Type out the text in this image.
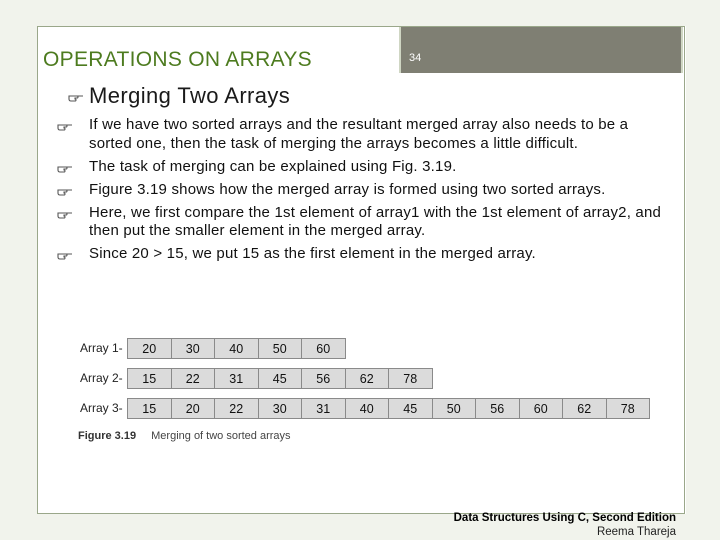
34
OPERATIONS ON ARRAYS
Merging Two Arrays
If we have two sorted arrays and the resultant merged array also needs to be a sorted one, then the task of merging the arrays becomes a little difficult.
The task of merging can be explained using Fig. 3.19.
Figure 3.19 shows how the merged array is formed using two sorted arrays.
Here, we first compare the 1st element of array1 with the 1st element of array2, and then put the smaller element in the merged array.
Since 20 > 15, we put 15 as the first element in the merged array.
Array 1-	20	30	40	50	60
Array 2-	15	22	31	45	56	62	78
Array 3-	15	20	22	30	31	40	45	50	56	60	62	78
Figure 3.19 Merging of two sorted arrays
Data Structures Using C, Second Edition
Reema Thareja
